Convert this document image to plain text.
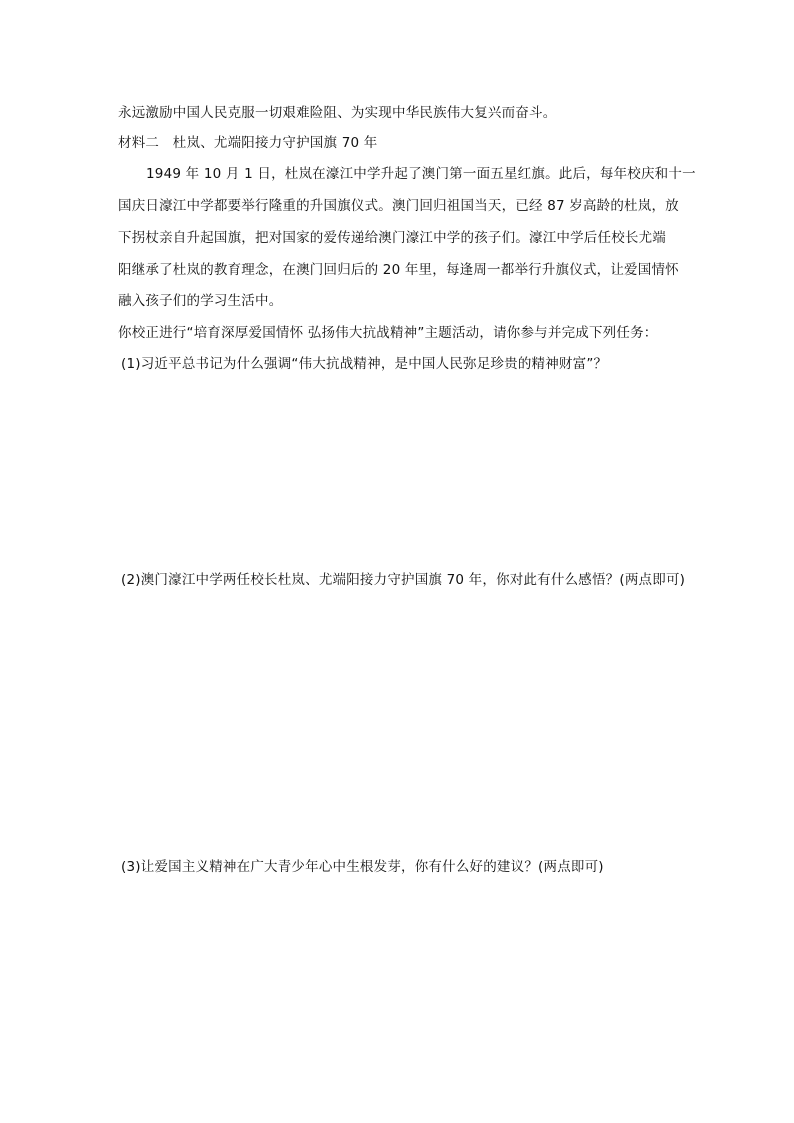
永远激励中国人民克服一切艰难险阻、为实现中华民族伟大复兴而奋斗。
材料二　杜岚、尤端阳接力守护国旗 70 年
1949 年 10 月 1 日，杜岚在濠江中学升起了澳门第一面五星红旗。此后，每年校庆和十一
国庆日濠江中学都要举行隆重的升国旗仪式。澳门回归祖国当天，已经 87 岁高龄的杜岚，放
下拐杖亲自升起国旗，把对国家的爱传递给澳门濠江中学的孩子们。濠江中学后任校长尤端
阳继承了杜岚的教育理念，在澳门回归后的 20 年里，每逢周一都举行升旗仪式，让爱国情怀
融入孩子们的学习生活中。
你校正进行“培育深厚爱国情怀 弘扬伟大抗战精神”主题活动，请你参与并完成下列任务：
(1)习近平总书记为什么强调“伟大抗战精神，是中国人民弥足珍贵的精神财富”？
(2)澳门濠江中学两任校长杜岚、尤端阳接力守护国旗 70 年，你对此有什么感悟？(两点即可)
(3)让爱国主义精神在广大青少年心中生根发芽，你有什么好的建议？(两点即可)
